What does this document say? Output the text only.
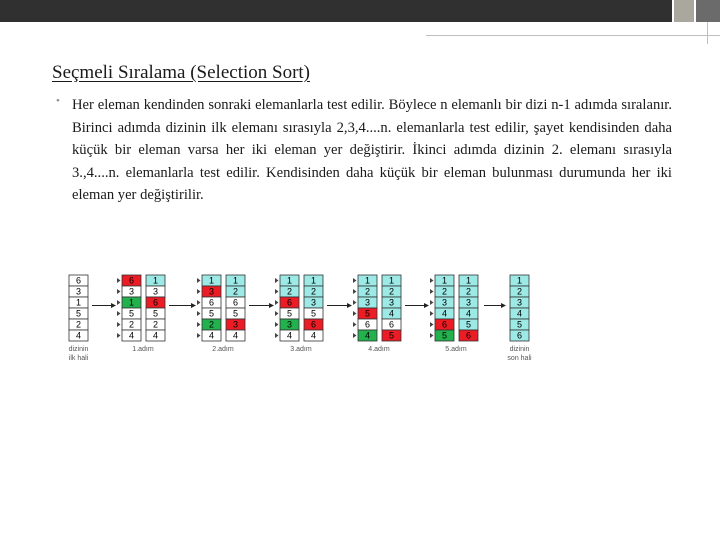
Seçmeli Sıralama (Selection Sort)
• Her eleman kendinden sonraki elemanlarla test edilir. Böylece n elemanlı bir dizi n-1 adımda sıralanır. Birinci adımda dizinin ilk elemanı sırasıyla 2,3,4....n. elemanlarla test edilir, şayet kendisinden daha küçük bir eleman varsa her iki eleman yer değiştirir. İkinci adımda dizinin 2. elemanı sırasıyla 3.,4....n. elemanlarla test edilir. Kendisinden daha küçük bir eleman bulunması durumunda her iki eleman yer değiştirilir.

6
3
1
5
2
4
dizinin
ilk hali
6
3
1
5
2
4
1
3
6
5
2
4
1.adım
1
3
6
5
2
4
1
2
6
5
3
4
2.adım
1
2
6
5
3
4
1
2
3
5
6
4
3.adım
1
2
3
5
6
4
1
2
3
4
6
5
4.adım
1
2
3
4
6
5
1
2
3
4
5
6
5.adım
1
2
3
4
5
6
dizinin
son hali
